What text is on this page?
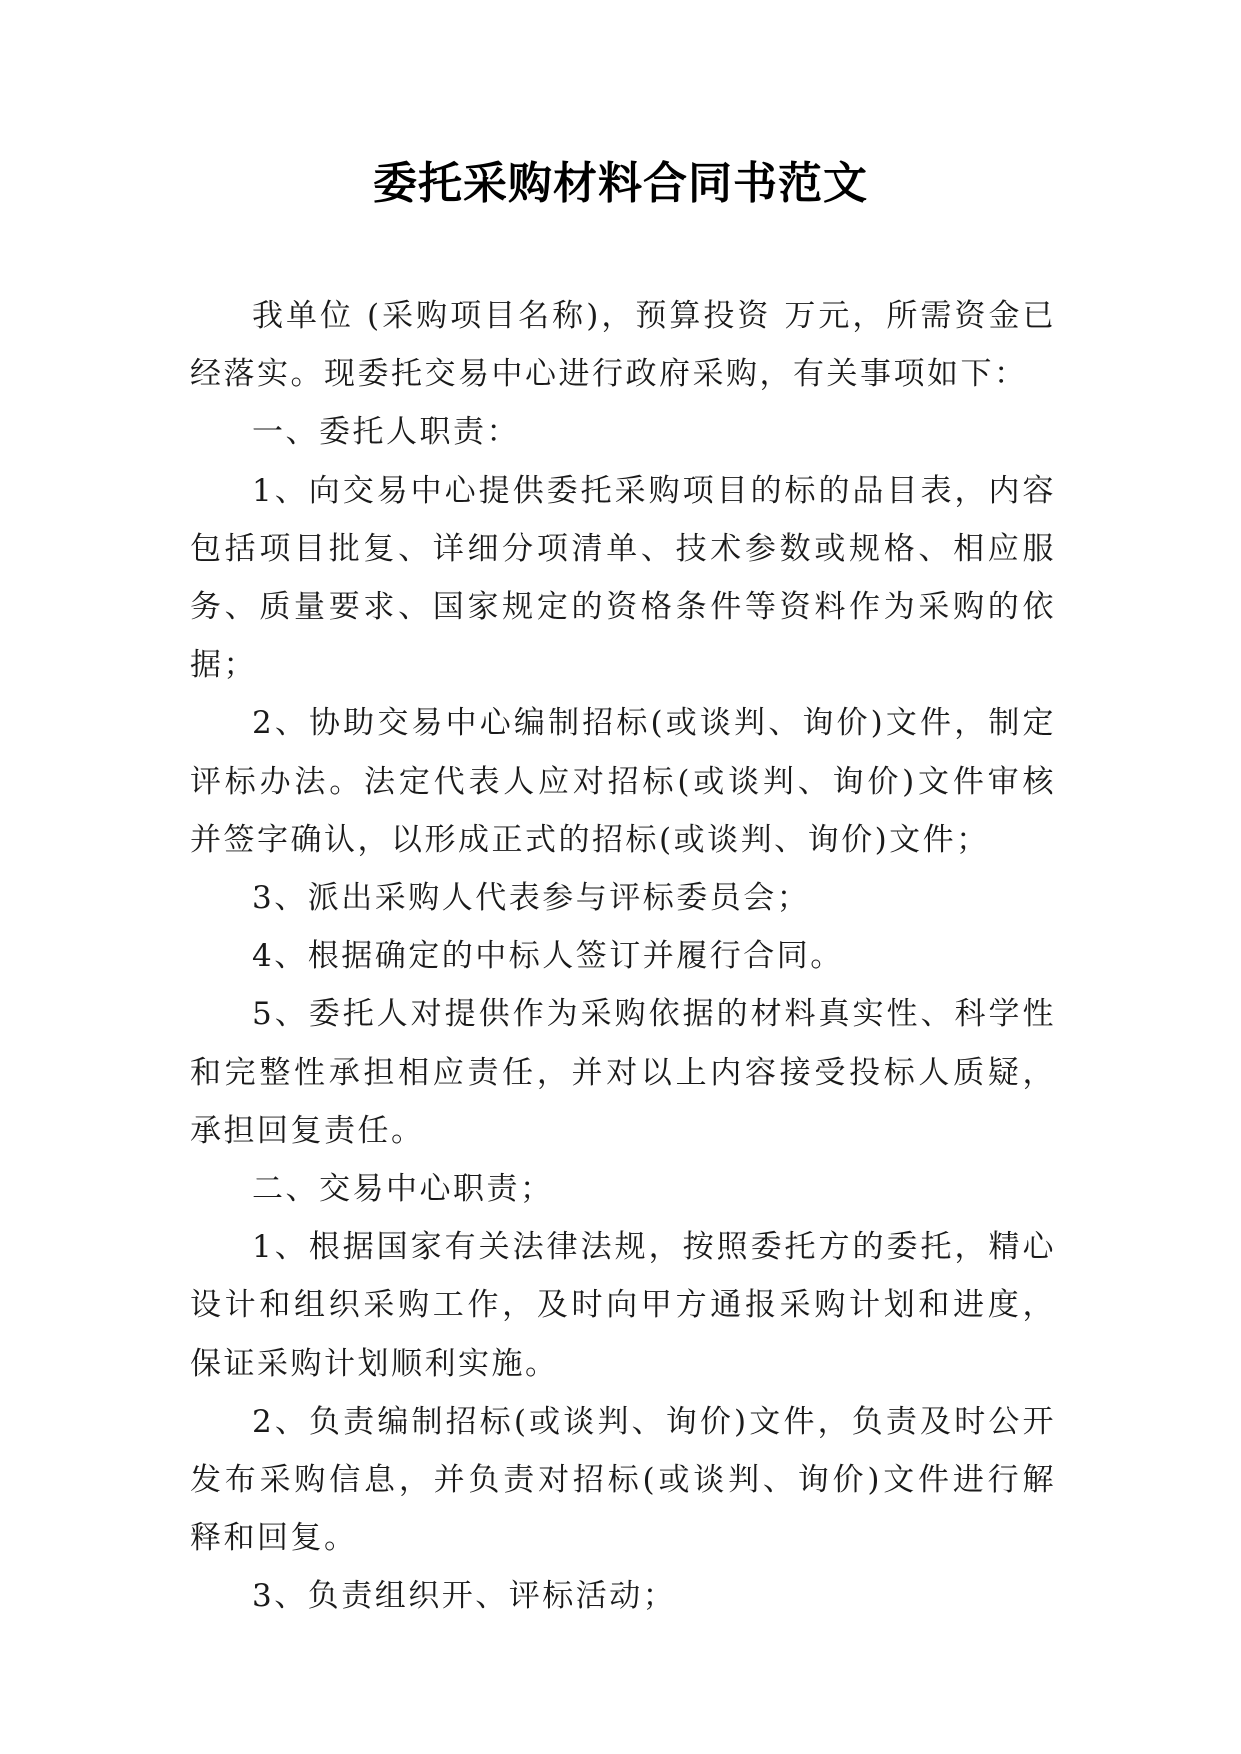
委托采购材料合同书范文

我单位 (采购项目名称)，预算投资 万元，所需资金已经落实。现委托交易中心进行政府采购，有关事项如下：

一、委托人职责：

1、向交易中心提供委托采购项目的标的品目表，内容包括项目批复、详细分项清单、技术参数或规格、相应服务、质量要求、国家规定的资格条件等资料作为采购的依据；

2、协助交易中心编制招标(或谈判、询价)文件，制定评标办法。法定代表人应对招标(或谈判、询价)文件审核并签字确认，以形成正式的招标(或谈判、询价)文件；

3、派出采购人代表参与评标委员会；

4、根据确定的中标人签订并履行合同。

5、委托人对提供作为采购依据的材料真实性、科学性和完整性承担相应责任，并对以上内容接受投标人质疑，承担回复责任。

二、交易中心职责；

1、根据国家有关法律法规，按照委托方的委托，精心设计和组织采购工作，及时向甲方通报采购计划和进度，保证采购计划顺利实施。

2、负责编制招标(或谈判、询价)文件，负责及时公开发布采购信息，并负责对招标(或谈判、询价)文件进行解释和回复。

3、负责组织开、评标活动；
